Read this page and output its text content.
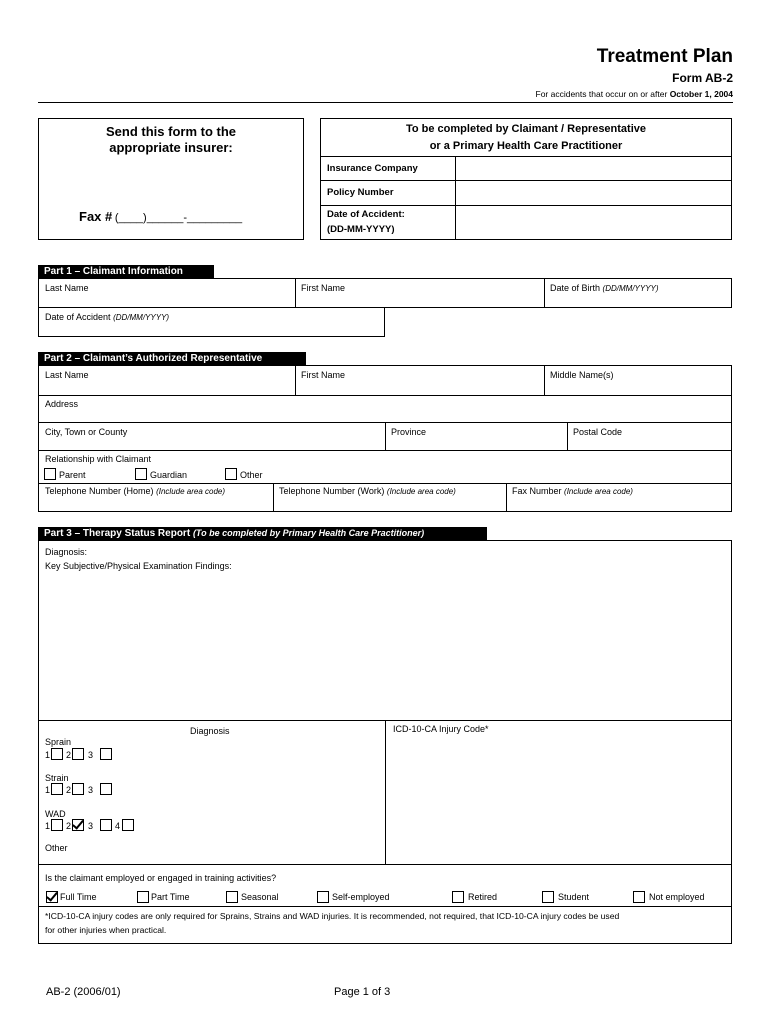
Treatment Plan
Form AB-2
For accidents that occur on or after October 1, 2004
Send this form to the
appropriate insurer:
Fax # (____)______-_________
To be completed by Claimant / Representative
or a Primary Health Care Practitioner
Insurance Company
Policy Number
Date of Accident:
(DD-MM-YYYY)
Part 1 – Claimant Information
Last Name	First Name	Date of Birth (DD/MM/YYYY)
Date of Accident (DD/MM/YYYY)
Part 2 – Claimant’s Authorized Representative
Last Name	First Name	Middle Name(s)
Address
City, Town or County	Province	Postal Code
Relationship with Claimant
Parent	Guardian	Other
Telephone Number (Home) (Include area code)	Telephone Number (Work) (Include area code)	Fax Number (Include area code)
Part 3 – Therapy Status Report (To be completed by Primary Health Care Practitioner)
Diagnosis:
Key Subjective/Physical Examination Findings:
Diagnosis	ICD-10-CA Injury Code*
Sprain
1 2 3
Strain
1 2 3
WAD
1 2 3 4
Other
Is the claimant employed or engaged in training activities?
Full Time	Part Time	Seasonal	Self-employed	Retired	Student	Not employed
*ICD-10-CA injury codes are only required for Sprains, Strains and WAD injuries. It is recommended, not required, that ICD-10-CA injury codes be used
for other injuries when practical.
AB-2 (2006/01)	Page 1 of 3
